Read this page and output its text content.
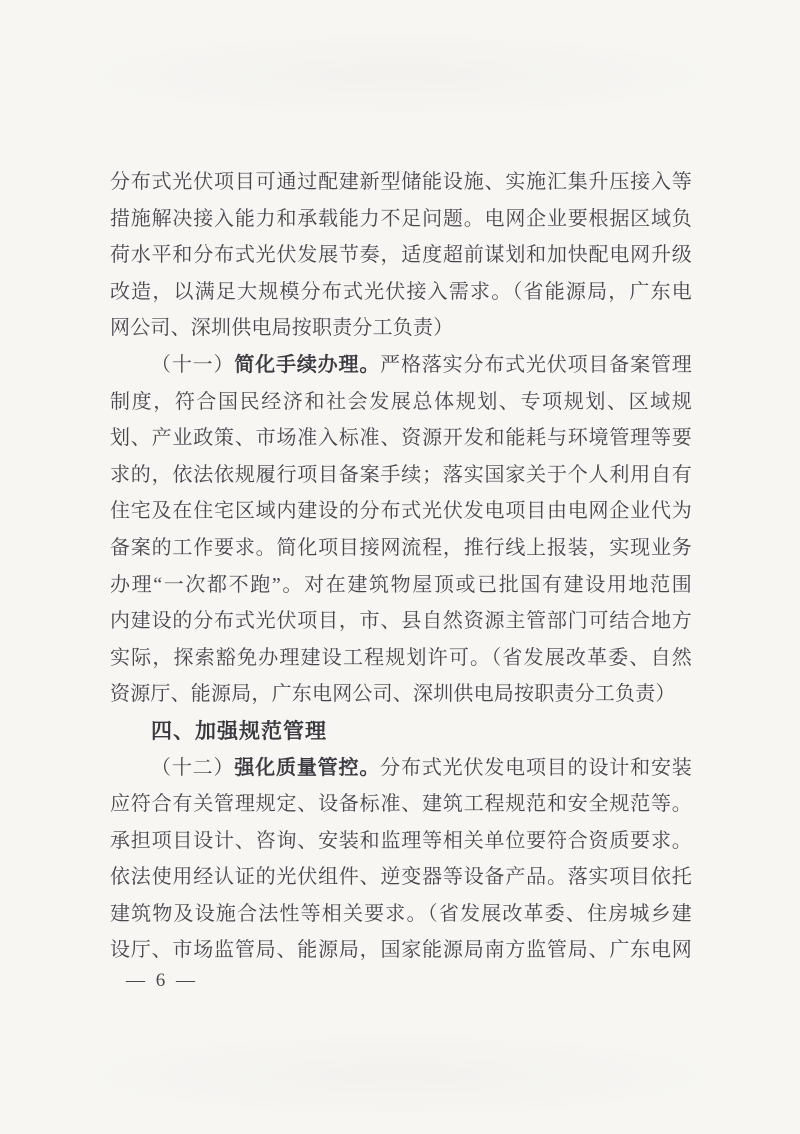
分布式光伏项目可通过配建新型储能设施、实施汇集升压接入等
措施解决接入能力和承载能力不足问题。电网企业要根据区域负
荷水平和分布式光伏发展节奏，适度超前谋划和加快配电网升级
改造，以满足大规模分布式光伏接入需求。（省能源局，广东电
网公司、深圳供电局按职责分工负责）
（十一）简化手续办理。严格落实分布式光伏项目备案管理
制度，符合国民经济和社会发展总体规划、专项规划、区域规
划、产业政策、市场准入标准、资源开发和能耗与环境管理等要
求的，依法依规履行项目备案手续；落实国家关于个人利用自有
住宅及在住宅区域内建设的分布式光伏发电项目由电网企业代为
备案的工作要求。简化项目接网流程，推行线上报装，实现业务
办理“一次都不跑”。对在建筑物屋顶或已批国有建设用地范围
内建设的分布式光伏项目，市、县自然资源主管部门可结合地方
实际，探索豁免办理建设工程规划许可。（省发展改革委、自然
资源厅、能源局，广东电网公司、深圳供电局按职责分工负责）
四、加强规范管理
（十二）强化质量管控。分布式光伏发电项目的设计和安装
应符合有关管理规定、设备标准、建筑工程规范和安全规范等。
承担项目设计、咨询、安装和监理等相关单位要符合资质要求。
依法使用经认证的光伏组件、逆变器等设备产品。落实项目依托
建筑物及设施合法性等相关要求。（省发展改革委、住房城乡建
设厅、市场监管局、能源局，国家能源局南方监管局、广东电网
— 6 —
